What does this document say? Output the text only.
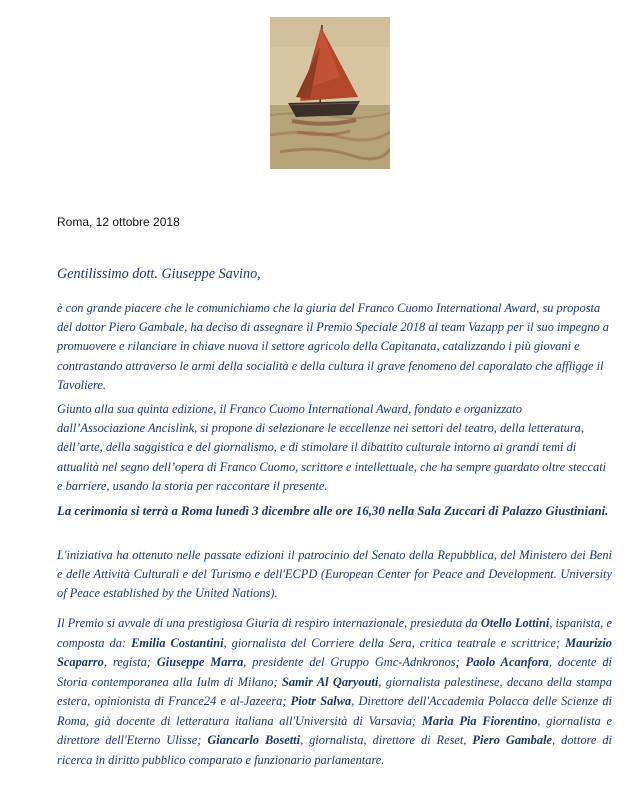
Roma, 12 ottobre 2018
Gentilissimo dott. Giuseppe Savino,
è con grande piacere che le comunichiamo che la giuria del Franco Cuomo International Award, su proposta del dottor Piero Gambale, ha deciso di assegnare il Premio Speciale 2018 al team Vazapp per il suo impegno a promuovere e rilanciare in chiave nuova il settore agricolo della Capitanata, catalizzando i più giovani e contrastando attraverso le armi della socialità e della cultura il grave fenomeno del caporalato che affligge il Tavoliere.
Giunto alla sua quinta edizione, il Franco Cuomo International Award, fondato e organizzato dall’Associazione Ancislink, si propone di selezionare le eccellenze nei settori del teatro, della letteratura, dell’arte, della saggistica e del giornalismo, e di stimolare il dibattito culturale intorno ai grandi temi di attualità nel segno dell’opera di Franco Cuomo, scrittore e intellettuale, che ha sempre guardato oltre steccati e barriere, usando la storia per raccontare il presente.
La cerimonia si terrà a Roma lunedì 3 dicembre alle ore 16,30 nella Sala Zuccari di Palazzo Giustiniani.
L'iniziativa ha ottenuto nelle passate edizioni il patrocinio del Senato della Repubblica, del Ministero dei Beni e delle Attività Culturali e del Turismo e dell'ECPD (European Center for Peace and Development. University of Peace established by the United Nations).
Il Premio si avvale di una prestigiosa Giuria di respiro internazionale, presieduta da Otello Lottini, ispanista, e composta da: Emilia Costantini, giornalista del Corriere della Sera, critica teatrale e scrittrice; Maurizio Scaparro, regista; Giuseppe Marra, presidente del Gruppo Gmc-Adnkronos; Paolo Acanfora, docente di Storia contemporanea alla Iulm di Milano; Samir Al Qaryouti, giornalista palestinese, decano della stampa estera, opinionista di France24 e al-Jazeera; Piotr Salwa, Direttore dell'Accademia Polacca delle Scienze di Roma, già docente di letteratura italiana all'Università di Varsavia; Maria Pia Fiorentino, giornalista e direttore dell'Eterno Ulisse; Giancarlo Bosetti, giornalista, direttore di Reset, Piero Gambale, dottore di ricerca in diritto pubblico comparato e funzionario parlamentare.
